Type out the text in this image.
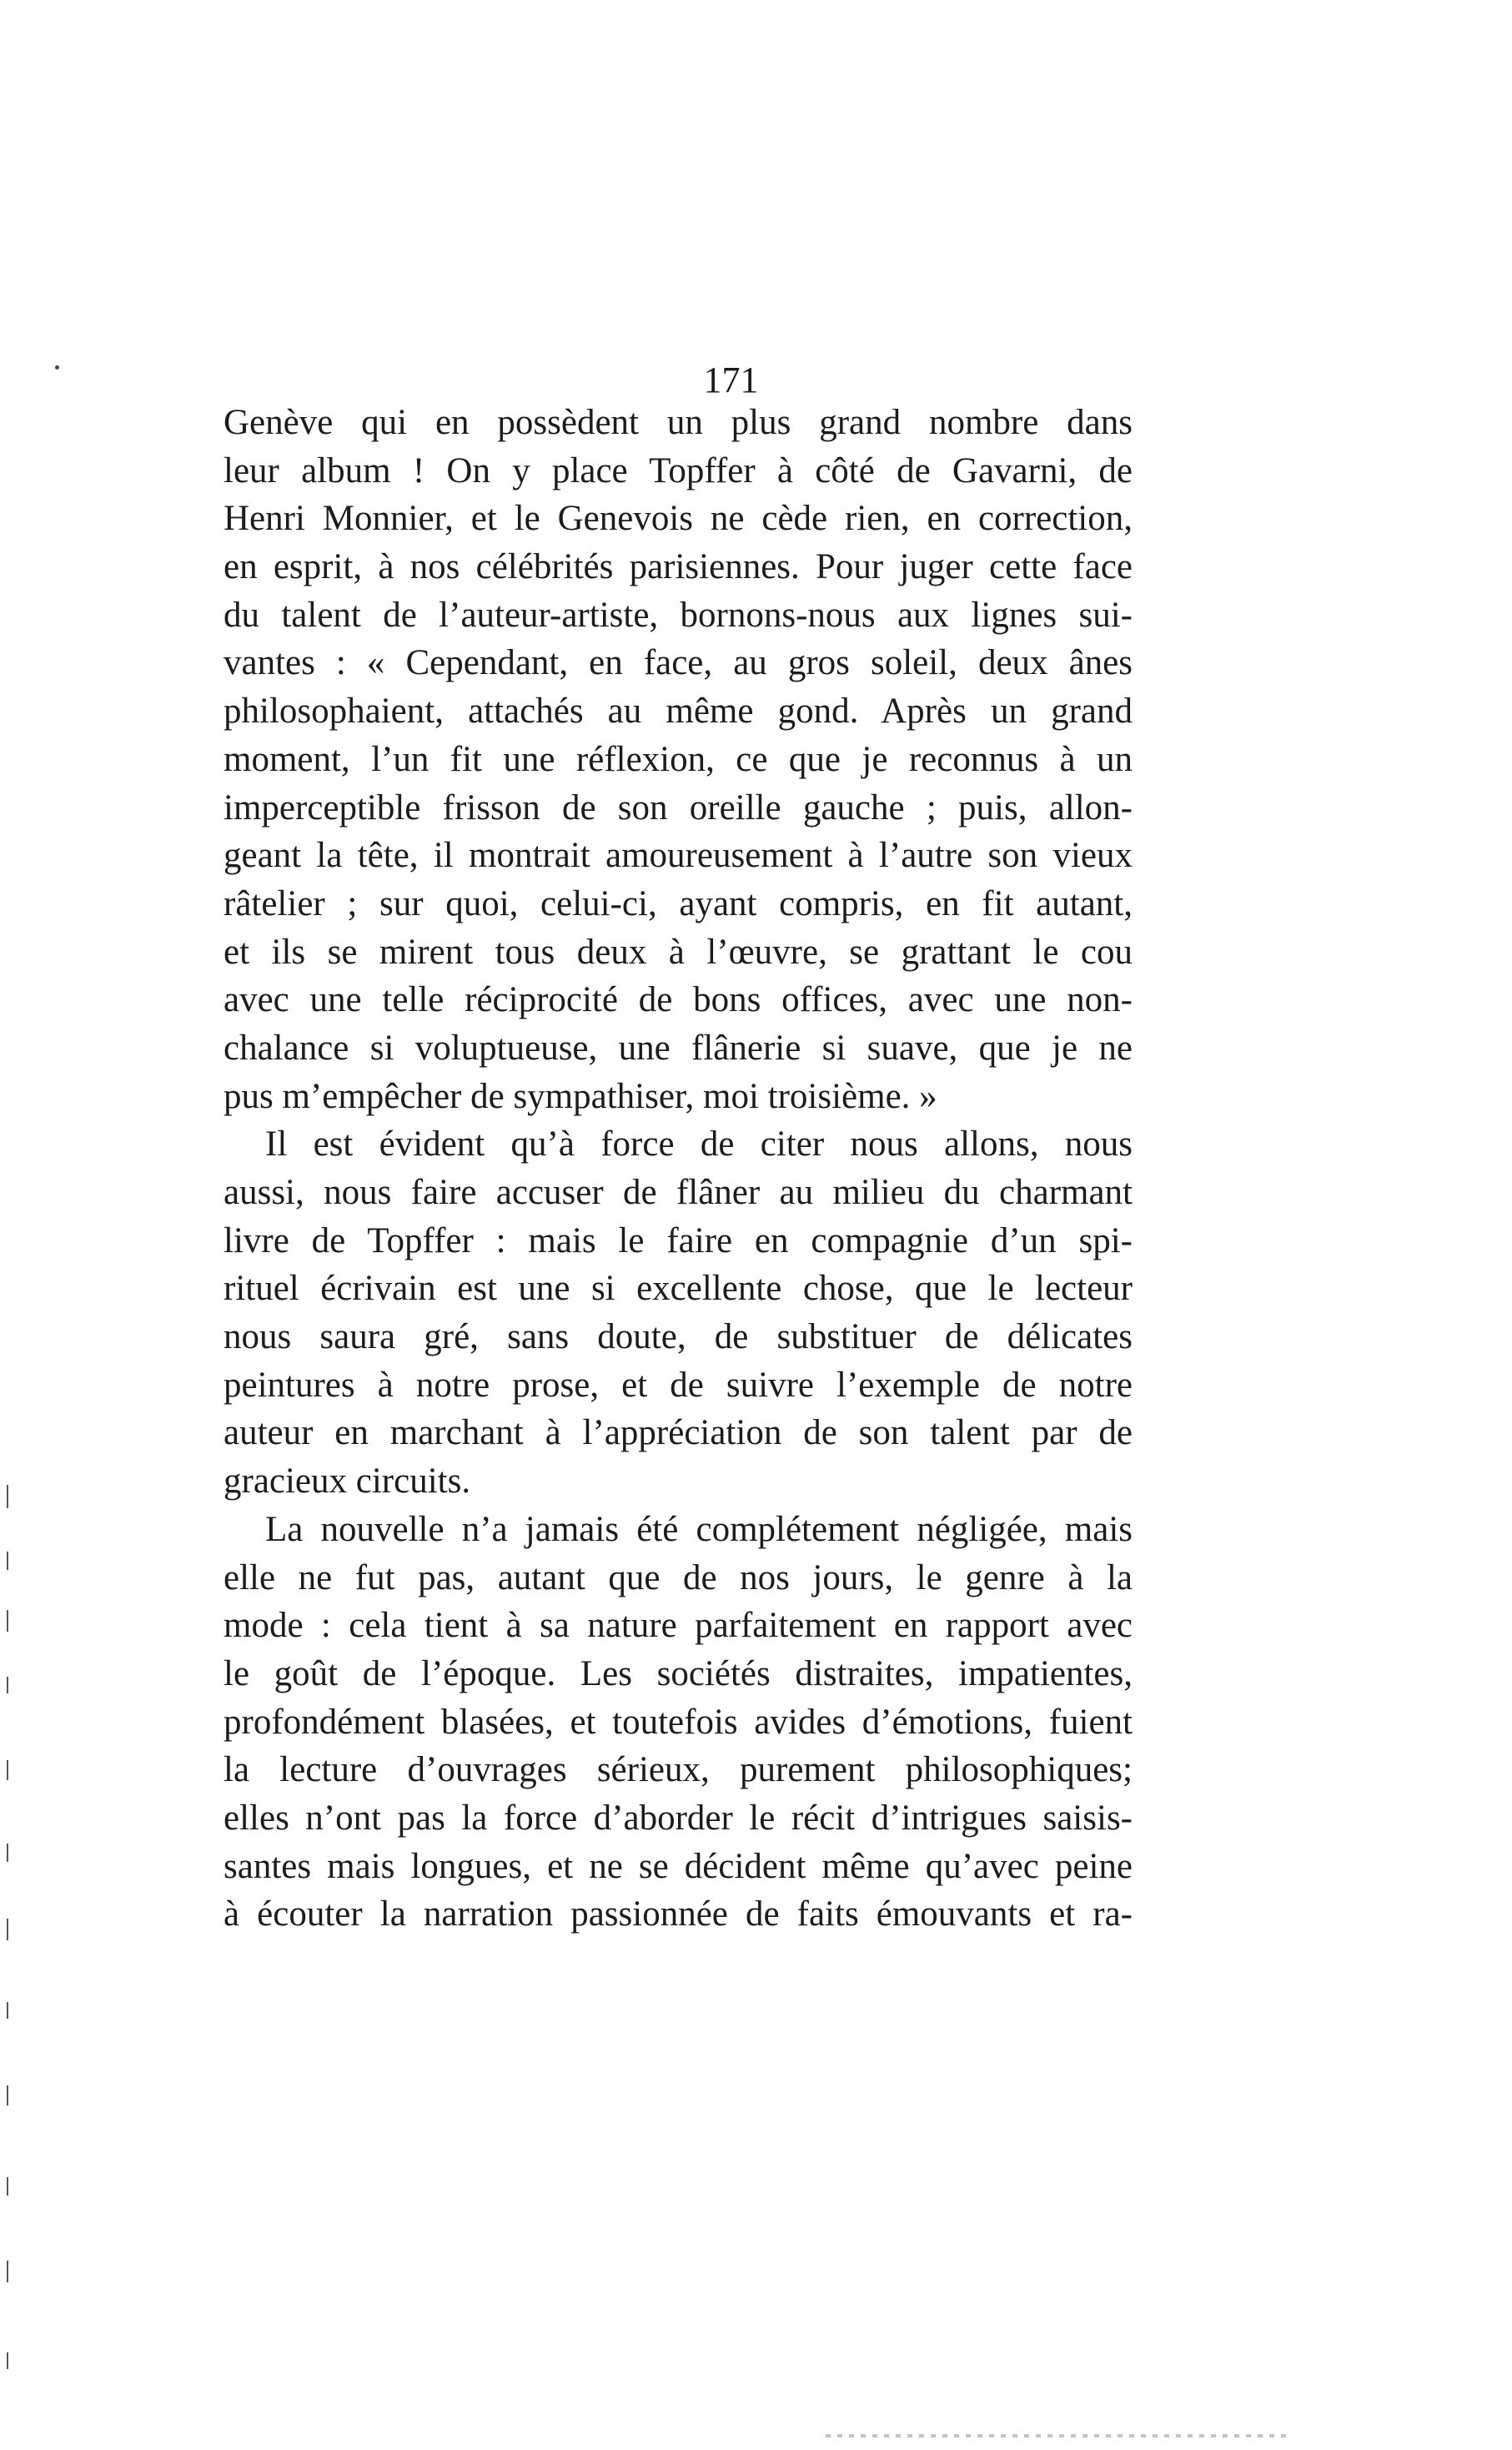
171
Genève qui en possèdent un plus grand nombre dans
leur album ! On y place Topffer à côté de Gavarni, de
Henri Monnier, et le Genevois ne cède rien, en correction,
en esprit, à nos célébrités parisiennes. Pour juger cette face
du talent de l’auteur-artiste, bornons-nous aux lignes sui-
vantes : « Cependant, en face, au gros soleil, deux ânes
philosophaient, attachés au même gond. Après un grand
moment, l’un fit une réflexion, ce que je reconnus à un
imperceptible frisson de son oreille gauche ; puis, allon-
geant la tête, il montrait amoureusement à l’autre son vieux
râtelier ; sur quoi, celui-ci, ayant compris, en fit autant,
et ils se mirent tous deux à l’œuvre, se grattant le cou
avec une telle réciprocité de bons offices, avec une non-
chalance si voluptueuse, une flânerie si suave, que je ne
pus m’empêcher de sympathiser, moi troisième. »
Il est évident qu’à force de citer nous allons, nous
aussi, nous faire accuser de flâner au milieu du charmant
livre de Topffer : mais le faire en compagnie d’un spi-
rituel écrivain est une si excellente chose, que le lecteur
nous saura gré, sans doute, de substituer de délicates
peintures à notre prose, et de suivre l’exemple de notre
auteur en marchant à l’appréciation de son talent par de
gracieux circuits.
La nouvelle n’a jamais été complétement négligée, mais
elle ne fut pas, autant que de nos jours, le genre à la
mode : cela tient à sa nature parfaitement en rapport avec
le goût de l’époque. Les sociétés distraites, impatientes,
profondément blasées, et toutefois avides d’émotions, fuient
la lecture d’ouvrages sérieux, purement philosophiques;
elles n’ont pas la force d’aborder le récit d’intrigues saisis-
santes mais longues, et ne se décident même qu’avec peine
à écouter la narration passionnée de faits émouvants et ra-
